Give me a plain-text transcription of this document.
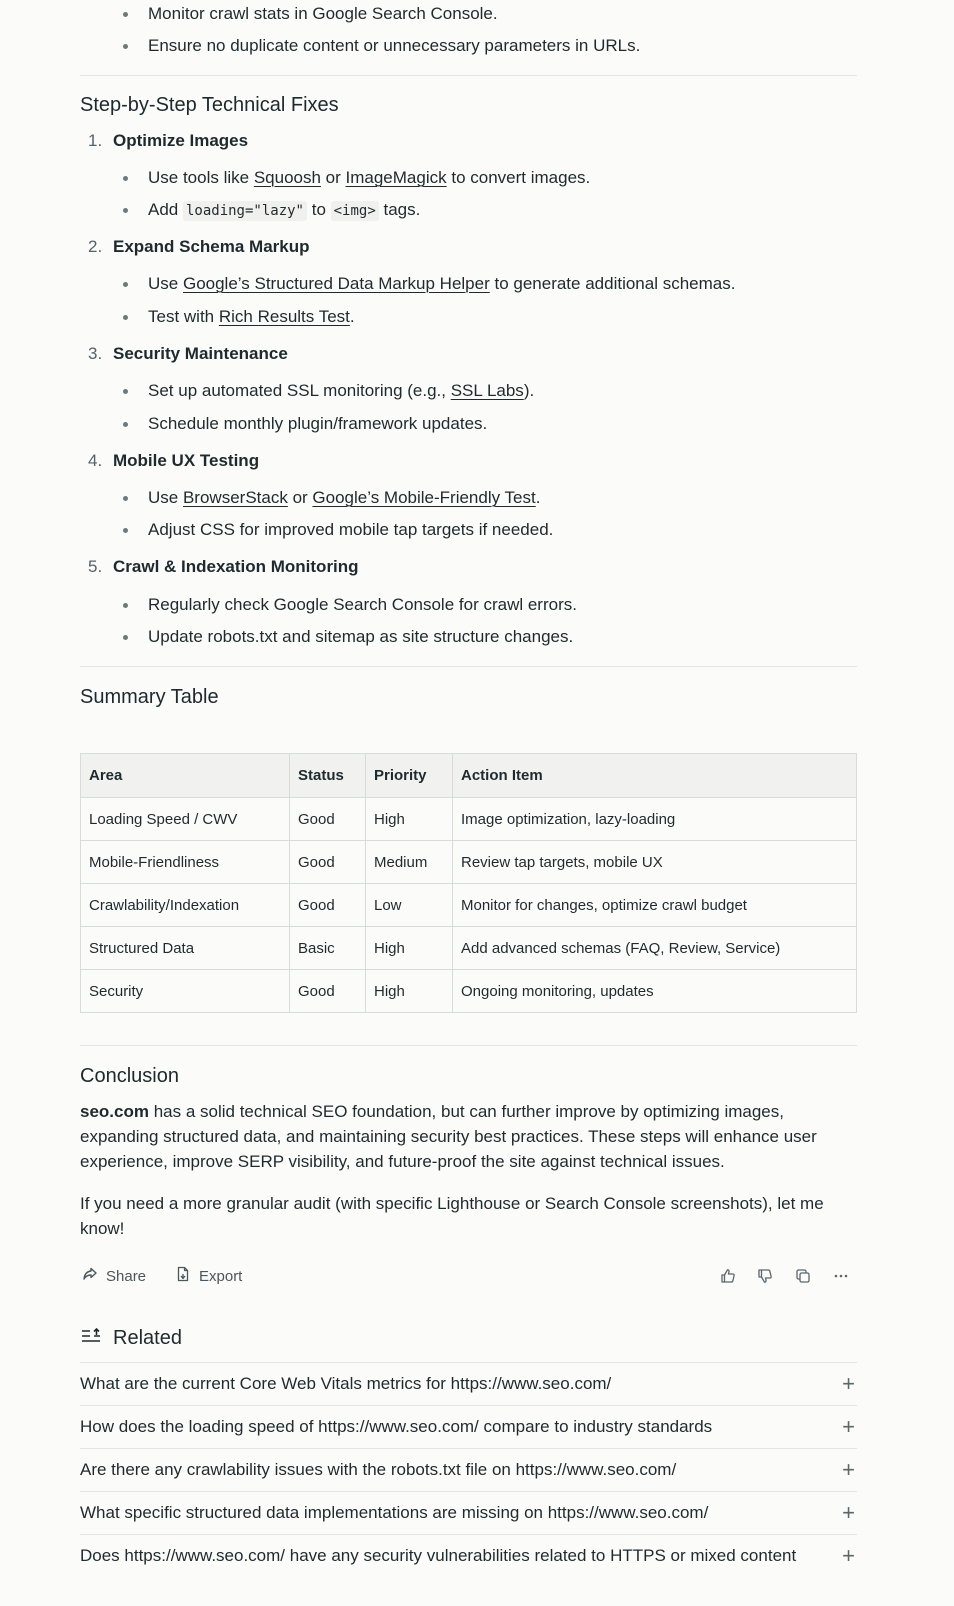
Monitor crawl stats in Google Search Console.
Ensure no duplicate content or unnecessary parameters in URLs.
Step-by-Step Technical Fixes
1. Optimize Images
Use tools like Squoosh or ImageMagick to convert images.
Add loading="lazy" to <img> tags.
2. Expand Schema Markup
Use Google’s Structured Data Markup Helper to generate additional schemas.
Test with Rich Results Test.
3. Security Maintenance
Set up automated SSL monitoring (e.g., SSL Labs).
Schedule monthly plugin/framework updates.
4. Mobile UX Testing
Use BrowserStack or Google’s Mobile-Friendly Test.
Adjust CSS for improved mobile tap targets if needed.
5. Crawl & Indexation Monitoring
Regularly check Google Search Console for crawl errors.
Update robots.txt and sitemap as site structure changes.
Summary Table
Area	Status	Priority	Action Item
Loading Speed / CWV	Good	High	Image optimization, lazy-loading
Mobile-Friendliness	Good	Medium	Review tap targets, mobile UX
Crawlability/Indexation	Good	Low	Monitor for changes, optimize crawl budget
Structured Data	Basic	High	Add advanced schemas (FAQ, Review, Service)
Security	Good	High	Ongoing monitoring, updates
Conclusion
seo.com has a solid technical SEO foundation, but can further improve by optimizing images, expanding structured data, and maintaining security best practices. These steps will enhance user experience, improve SERP visibility, and future-proof the site against technical issues.
If you need a more granular audit (with specific Lighthouse or Search Console screenshots), let me know!
Share	Export
Related
What are the current Core Web Vitals metrics for https://www.seo.com/	+
How does the loading speed of https://www.seo.com/ compare to industry standards	+
Are there any crawlability issues with the robots.txt file on https://www.seo.com/	+
What specific structured data implementations are missing on https://www.seo.com/	+
Does https://www.seo.com/ have any security vulnerabilities related to HTTPS or mixed content +
